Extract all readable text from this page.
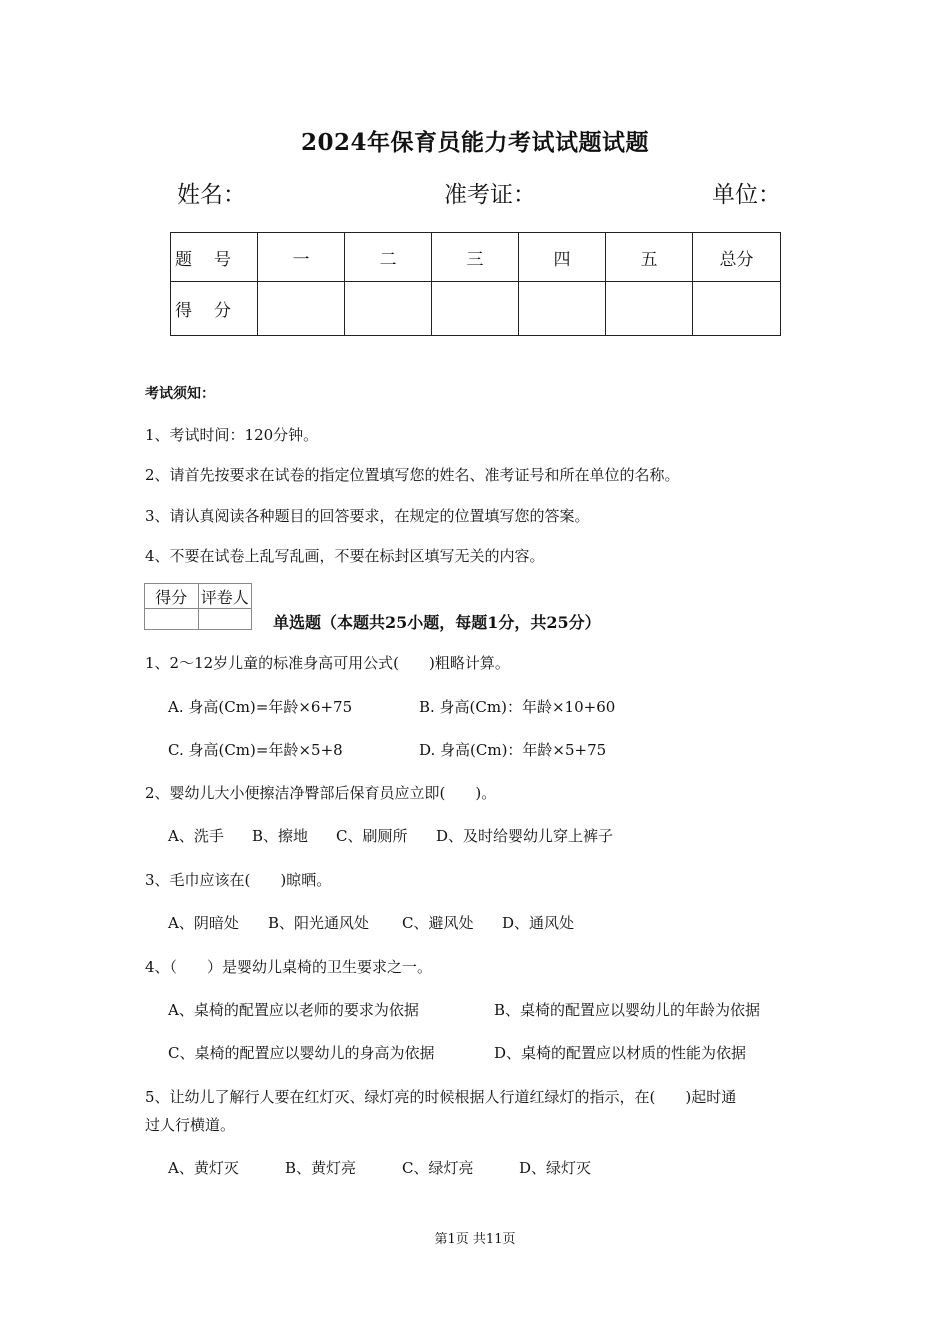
2024年保育员能力考试试题试题
姓名：	准考证：	单位：
题号	一	二	三	四	五	总分
得分						
考试须知：
1、考试时间：120分钟。
2、请首先按要求在试卷的指定位置填写您的姓名、准考证号和所在单位的名称。
3、请认真阅读各种题目的回答要求，在规定的位置填写您的答案。
4、不要在试卷上乱写乱画，不要在标封区填写无关的内容。
得分	评卷人

单选题（本题共25小题，每题1分，共25分）
1、2～12岁儿童的标准身高可用公式(　　)粗略计算。
A. 身高(Cm)=年龄×6+75	B. 身高(Cm)：年龄×10+60
C. 身高(Cm)=年龄×5+8	D. 身高(Cm)：年龄×5+75
2、婴幼儿大小便擦洁净臀部后保育员应立即(　　)。
A、洗手 B、擦地 C、刷厕所 D、及时给婴幼儿穿上裤子
3、毛巾应该在(　　)晾晒。
A、阴暗处 B、阳光通风处 C、避风处 D、通风处
4、（　　）是婴幼儿桌椅的卫生要求之一。
A、桌椅的配置应以老师的要求为依据	B、桌椅的配置应以婴幼儿的年龄为依据
C、桌椅的配置应以婴幼儿的身高为依据	D、桌椅的配置应以材质的性能为依据
5、让幼儿了解行人要在红灯灭、绿灯亮的时候根据人行道红绿灯的指示，在(　　)起时通
过人行横道。
A、黄灯灭	B、黄灯亮	C、绿灯亮	D、绿灯灭
第1页 共11页
